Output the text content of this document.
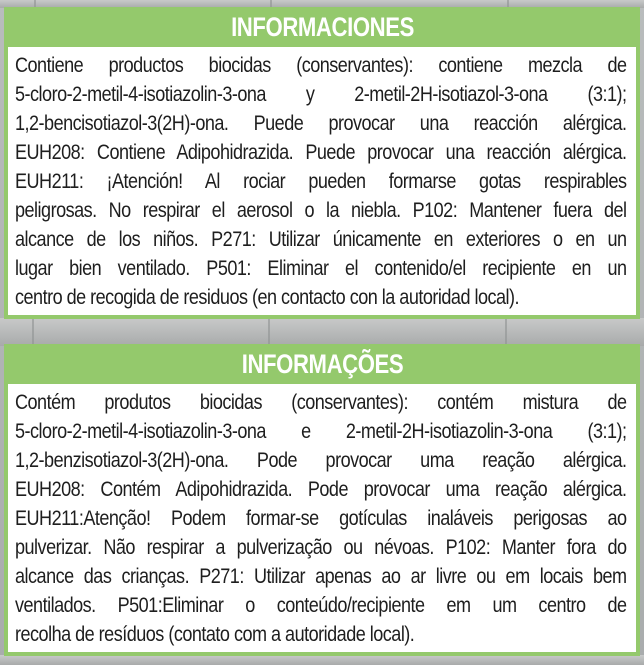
INFORMACIONES
Contiene productos biocidas (conservantes): contiene mezcla de
5-cloro-2-metil-4-isotiazolin-3-ona y 2-metil-2H-isotiazol-3-ona (3:1);
1,2-bencisotiazol-3(2H)-ona. Puede provocar una reacción alérgica.
EUH208: Contiene Adipohidrazida. Puede provocar una reacción alérgica.
EUH211: ¡Atención! Al rociar pueden formarse gotas respirables
peligrosas. No respirar el aerosol o la niebla. P102: Mantener fuera del
alcance de los niños. P271: Utilizar únicamente en exteriores o en un
lugar bien ventilado. P501: Eliminar el contenido/el recipiente en un
centro de recogida de residuos (en contacto con la autoridad local).
INFORMAÇÕES
Contém produtos biocidas (conservantes): contém mistura de
5-cloro-2-metil-4-isotiazolin-3-ona e 2-metil-2H-isotiazolin-3-ona (3:1);
1,2-benzisotiazol-3(2H)-ona. Pode provocar uma reação alérgica.
EUH208: Contém Adipohidrazida. Pode provocar uma reação alérgica.
EUH211:Atenção! Podem formar-se gotículas inaláveis perigosas ao
pulverizar. Não respirar a pulverização ou névoas. P102: Manter fora do
alcance das crianças. P271: Utilizar apenas ao ar livre ou em locais bem
ventilados. P501:Eliminar o conteúdo/recipiente em um centro de
recolha de resíduos (contato com a autoridade local).
